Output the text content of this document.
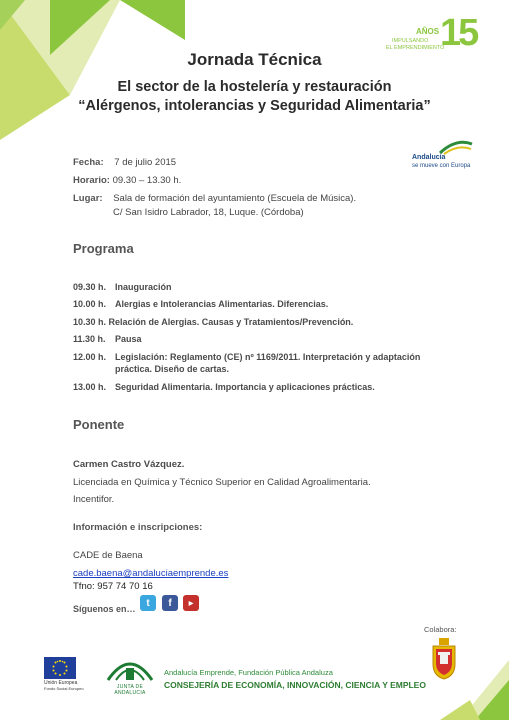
AÑOS 15
IMPULSANDO
EL EMPRENDIMIENTO
Jornada Técnica
El sector de la hostelería y restauración
“Alérgenos, intolerancias y Seguridad Alimentaria”
Andalucía
se mueve con Europa
Fecha: 7 de julio 2015
Horario: 09.30 – 13.30 h.
Lugar: Sala de formación del ayuntamiento (Escuela de Música).
C/ San Isidro Labrador, 18, Luque. (Córdoba)
Programa
09.30 h. Inauguración
10.00 h. Alergias e Intolerancias Alimentarias. Diferencias.
10.30 h. Relación de Alergias. Causas y Tratamientos/Prevención.
11.30 h. Pausa
12.00 h. Legislación: Reglamento (CE) nº 1169/2011. Interpretación y adaptación
práctica. Diseño de cartas.
13.00 h. Seguridad Alimentaria. Importancia y aplicaciones prácticas.
Ponente
Carmen Castro Vázquez.
Licenciada en Química y Técnico Superior en Calidad Agroalimentaria.
Incentifor.
Información e inscripciones:
CADE de Baena
cade.baena@andaluciaemprende.es
Tfno: 957 74 70 16
Síguenos en…
t	f	▶
Colabora:
Unión Europea
Fondo Social Europeo	JUNTA DE ANDALUCIA
Andalucía Emprende, Fundación Pública Andaluza
CONSEJERÍA DE ECONOMÍA, INNOVACIÓN, CIENCIA Y EMPLEO
